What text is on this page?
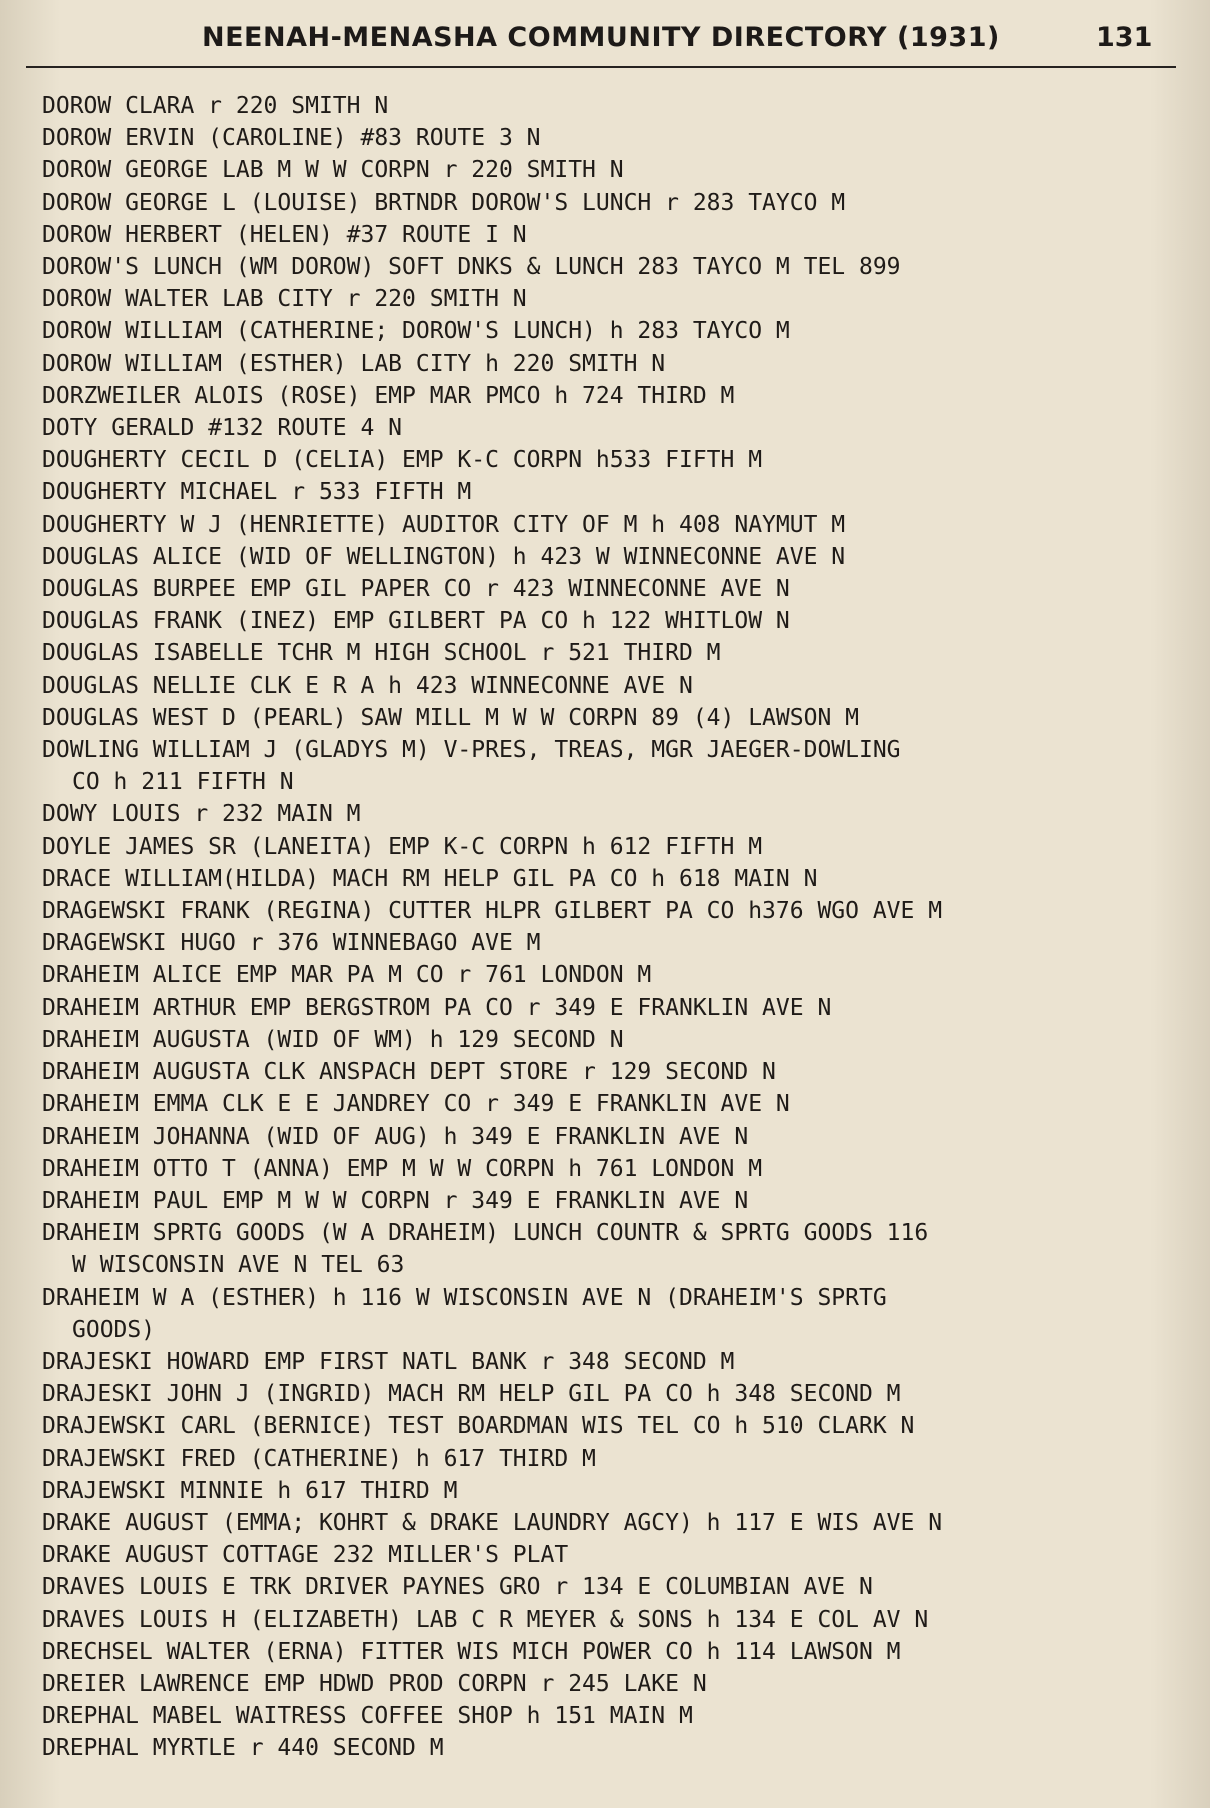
NEENAH-MENASHA COMMUNITY DIRECTORY (1931)	131
DOROW CLARA r 220 SMITH N
DOROW ERVIN (CAROLINE) #83 ROUTE 3 N
DOROW GEORGE LAB M W W CORPN r 220 SMITH N
DOROW GEORGE L (LOUISE) BRTNDR DOROW'S LUNCH r 283 TAYCO M
DOROW HERBERT (HELEN) #37 ROUTE I N
DOROW'S LUNCH (WM DOROW) SOFT DNKS & LUNCH 283 TAYCO M TEL 899
DOROW WALTER LAB CITY r 220 SMITH N
DOROW WILLIAM (CATHERINE; DOROW'S LUNCH) h 283 TAYCO M
DOROW WILLIAM (ESTHER) LAB CITY h 220 SMITH N
DORZWEILER ALOIS (ROSE) EMP MAR PMCO h 724 THIRD M
DOTY GERALD #132 ROUTE 4 N
DOUGHERTY CECIL D (CELIA) EMP K-C CORPN h533 FIFTH M
DOUGHERTY MICHAEL r 533 FIFTH M
DOUGHERTY W J (HENRIETTE) AUDITOR CITY OF M h 408 NAYMUT M
DOUGLAS ALICE (WID OF WELLINGTON) h 423 W WINNECONNE AVE N
DOUGLAS BURPEE EMP GIL PAPER CO r 423 WINNECONNE AVE N
DOUGLAS FRANK (INEZ) EMP GILBERT PA CO h 122 WHITLOW N
DOUGLAS ISABELLE TCHR M HIGH SCHOOL r 521 THIRD M
DOUGLAS NELLIE CLK E R A h 423 WINNECONNE AVE N
DOUGLAS WEST D (PEARL) SAW MILL M W W CORPN 89 (4) LAWSON M
DOWLING WILLIAM J (GLADYS M) V-PRES, TREAS, MGR JAEGER-DOWLING
CO h 211 FIFTH N
DOWY LOUIS r 232 MAIN M
DOYLE JAMES SR (LANEITA) EMP K-C CORPN h 612 FIFTH M
DRACE WILLIAM(HILDA) MACH RM HELP GIL PA CO h 618 MAIN N
DRAGEWSKI FRANK (REGINA) CUTTER HLPR GILBERT PA CO h376 WGO AVE M
DRAGEWSKI HUGO r 376 WINNEBAGO AVE M
DRAHEIM ALICE EMP MAR PA M CO r 761 LONDON M
DRAHEIM ARTHUR EMP BERGSTROM PA CO r 349 E FRANKLIN AVE N
DRAHEIM AUGUSTA (WID OF WM) h 129 SECOND N
DRAHEIM AUGUSTA CLK ANSPACH DEPT STORE r 129 SECOND N
DRAHEIM EMMA CLK E E JANDREY CO r 349 E FRANKLIN AVE N
DRAHEIM JOHANNA (WID OF AUG) h 349 E FRANKLIN AVE N
DRAHEIM OTTO T (ANNA) EMP M W W CORPN h 761 LONDON M
DRAHEIM PAUL EMP M W W CORPN r 349 E FRANKLIN AVE N
DRAHEIM SPRTG GOODS (W A DRAHEIM) LUNCH COUNTR & SPRTG GOODS 116
W WISCONSIN AVE N TEL 63
DRAHEIM W A (ESTHER) h 116 W WISCONSIN AVE N (DRAHEIM'S SPRTG
GOODS)
DRAJESKI HOWARD EMP FIRST NATL BANK r 348 SECOND M
DRAJESKI JOHN J (INGRID) MACH RM HELP GIL PA CO h 348 SECOND M
DRAJEWSKI CARL (BERNICE) TEST BOARDMAN WIS TEL CO h 510 CLARK N
DRAJEWSKI FRED (CATHERINE) h 617 THIRD M
DRAJEWSKI MINNIE h 617 THIRD M
DRAKE AUGUST (EMMA; KOHRT & DRAKE LAUNDRY AGCY) h 117 E WIS AVE N
DRAKE AUGUST COTTAGE 232 MILLER'S PLAT
DRAVES LOUIS E TRK DRIVER PAYNES GRO r 134 E COLUMBIAN AVE N
DRAVES LOUIS H (ELIZABETH) LAB C R MEYER & SONS h 134 E COL AV N
DRECHSEL WALTER (ERNA) FITTER WIS MICH POWER CO h 114 LAWSON M
DREIER LAWRENCE EMP HDWD PROD CORPN r 245 LAKE N
DREPHAL MABEL WAITRESS COFFEE SHOP h 151 MAIN M
DREPHAL MYRTLE r 440 SECOND M
